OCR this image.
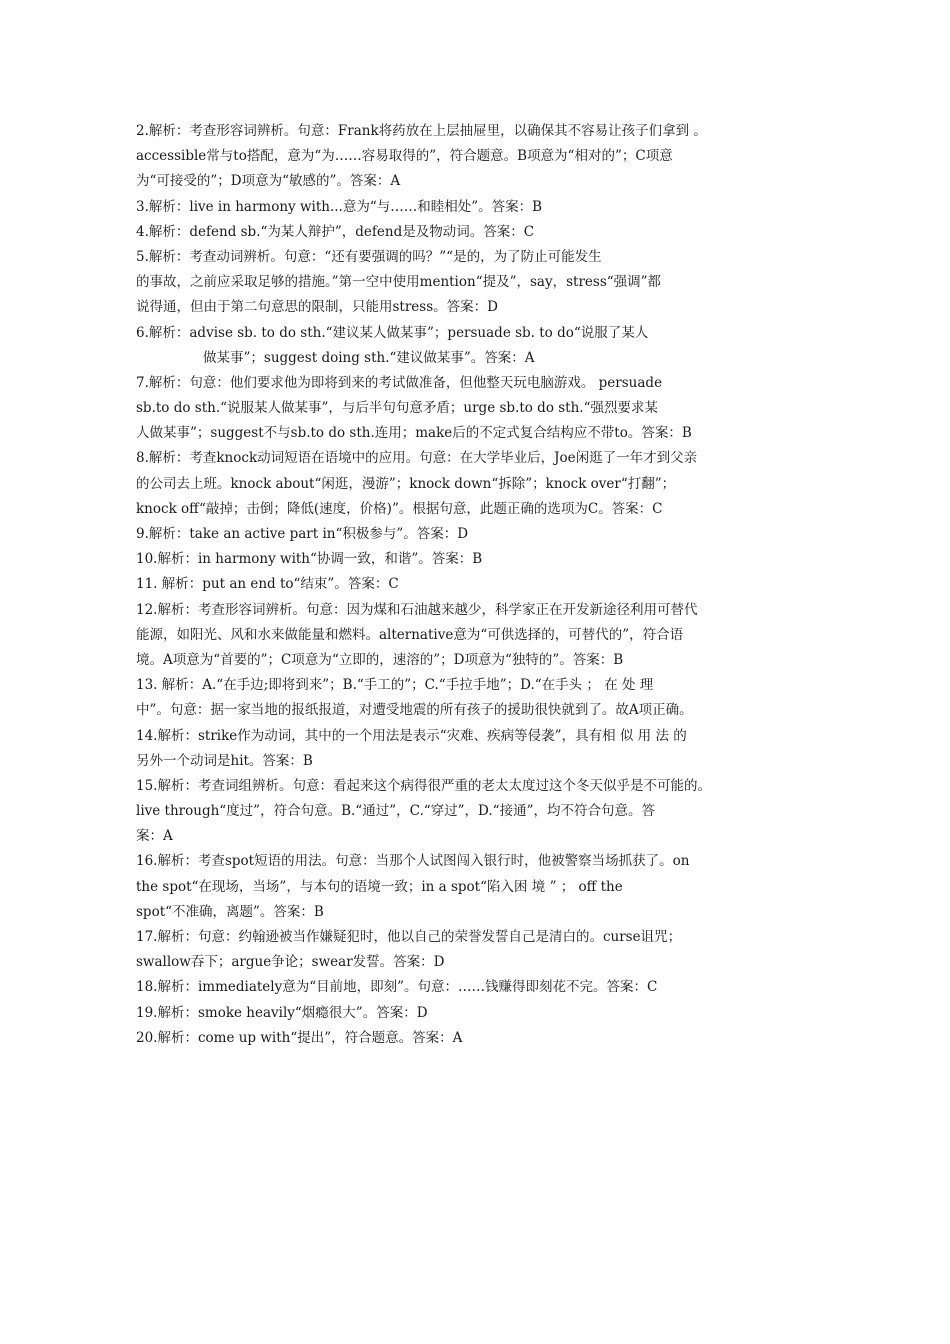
2.解析：考查形容词辨析。句意：Frank将药放在上层抽屉里，以确保其不容易让孩子们拿到 。
accessible常与to搭配，意为“为……容易取得的”，符合题意。B项意为“相对的”；C项意
为“可接受的”；D项意为“敏感的”。答案：A
3.解析：live in harmony with...意为“与……和睦相处”。答案：B
4.解析：defend sb.“为某人辩护”，defend是及物动词。答案：C
5.解析：考查动词辨析。句意：“还有要强调的吗？”“是的，为了防止可能发生
的事故，之前应采取足够的措施。”第一空中使用mention“提及”，say，stress“强调”都
说得通，但由于第二句意思的限制，只能用stress。答案：D
6.解析：advise sb. to do sth.“建议某人做某事”；persuade sb. to do“说服了某人
做某事”；suggest doing sth.“建议做某事”。答案：A
7.解析：句意：他们要求他为即将到来的考试做准备，但他整天玩电脑游戏。 persuade
sb.to do sth.“说服某人做某事”，与后半句句意矛盾；urge sb.to do sth.“强烈要求某
人做某事”；suggest不与sb.to do sth.连用；make后的不定式复合结构应不带to。答案：B
8.解析：考查knock动词短语在语境中的应用。句意：在大学毕业后，Joe闲逛了一年才到父亲
的公司去上班。knock about“闲逛，漫游”；knock down“拆除”；knock over“打翻”；
knock off“敲掉；击倒；降低(速度，价格)”。根据句意，此题正确的选项为C。答案：C
9.解析：take an active part in“积极参与”。答案：D
10.解析：in harmony with“协调一致，和谐”。答案：B
11. 解析：put an end to“结束”。答案：C
12.解析：考查形容词辨析。句意：因为煤和石油越来越少，科学家正在开发新途径利用可替代
能源，如阳光、风和水来做能量和燃料。alternative意为“可供选择的，可替代的”，符合语
境。A项意为“首要的”；C项意为“立即的，速溶的”；D项意为“独特的”。答案：B
13. 解析：A.“在手边;即将到来”；B.“手工的”；C.“手拉手地”；D.“在手头 ； 在 处 理
中”。句意：据一家当地的报纸报道，对遭受地震的所有孩子的援助很快就到了。故A项正确。
14.解析：strike作为动词，其中的一个用法是表示“灾难、疾病等侵袭”，具有相 似 用 法 的
另外一个动词是hit。答案：B
15.解析：考查词组辨析。句意：看起来这个病得很严重的老太太度过这个冬天似乎是不可能的。
live through“度过”，符合句意。B.“通过”，C.“穿过”，D.“接通”，均不符合句意。答
案：A
16.解析：考查spot短语的用法。句意：当那个人试图闯入银行时，他被警察当场抓获了。on
the spot“在现场，当场”，与本句的语境一致；in a spot“陷入困 境 ” ； off the
spot“不准确，离题”。答案：B
17.解析：句意：约翰逊被当作嫌疑犯时，他以自己的荣誉发誓自己是清白的。curse诅咒；
swallow吞下；argue争论；swear发誓。答案：D
18.解析：immediately意为“目前地，即刻”。句意：……钱赚得即刻花不完。答案：C
19.解析：smoke heavily“烟瘾很大”。答案：D
20.解析：come up with“提出”，符合题意。答案：A
